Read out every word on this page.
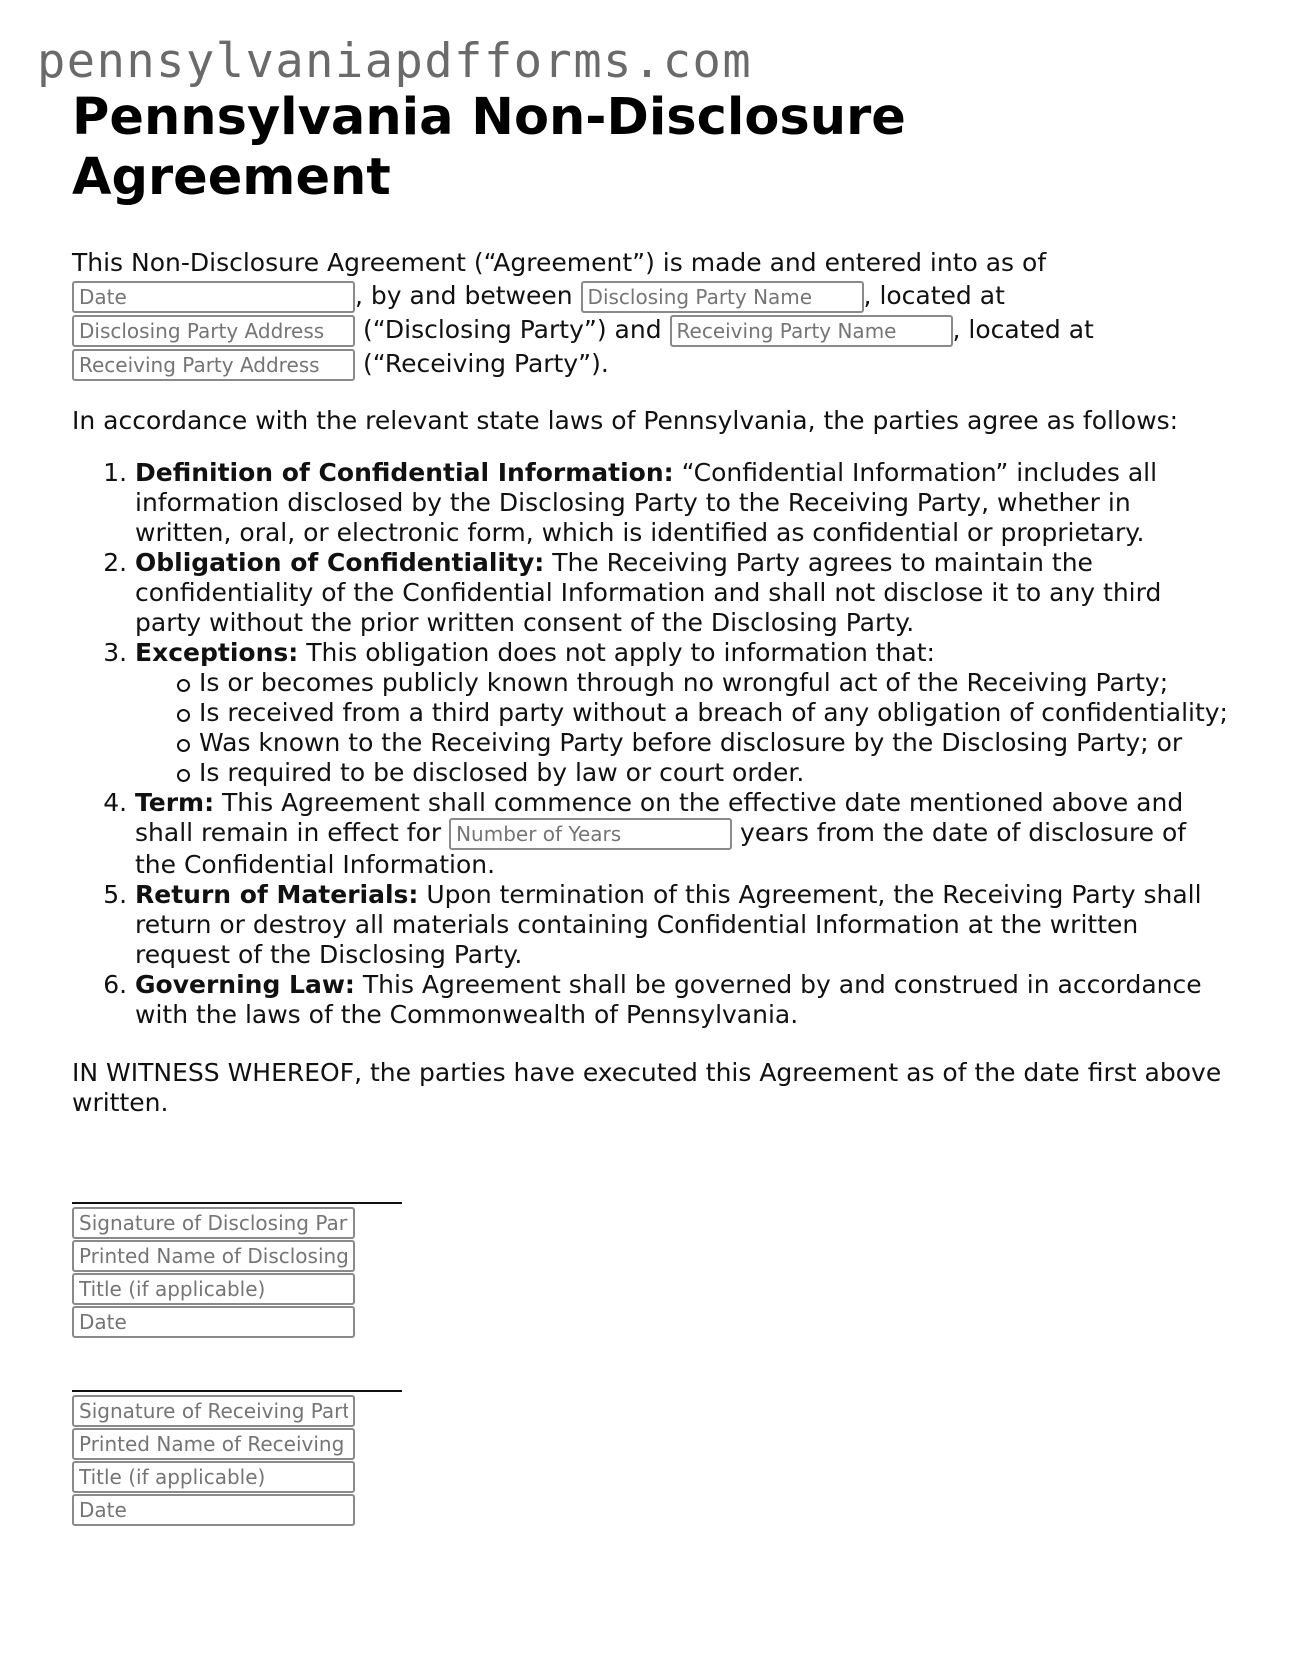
pennsylvaniapdfforms.com
Pennsylvania Non-Disclosure Agreement
This Non-Disclosure Agreement (“Agreement”) is made and entered into as of
Date, by and between Disclosing Party Name	, located at
Disclosing Party Address (“Disclosing Party”) and Receiving Party Name	, located at
Receiving Party Address (“Receiving Party”).
In accordance with the relevant state laws of Pennsylvania, the parties agree as follows:
1. Definition of Confidential Information: “Confidential Information” includes all information disclosed by the Disclosing Party to the Receiving Party, whether in written, oral, or electronic form, which is identified as confidential or proprietary.
2. Obligation of Confidentiality: The Receiving Party agrees to maintain the confidentiality of the Confidential Information and shall not disclose it to any third party without the prior written consent of the Disclosing Party.
3. Exceptions: This obligation does not apply to information that:
Is or becomes publicly known through no wrongful act of the Receiving Party;
Is received from a third party without a breach of any obligation of confidentiality;
Was known to the Receiving Party before disclosure by the Disclosing Party; or
Is required to be disclosed by law or court order.
4. Term: This Agreement shall commence on the effective date mentioned above and shall remain in effect for Number of Years	years from the date of disclosure of the Confidential Information.
5. Return of Materials: Upon termination of this Agreement, the Receiving Party shall return or destroy all materials containing Confidential Information at the written request of the Disclosing Party.
6. Governing Law: This Agreement shall be governed by and construed in accordance with the laws of the Commonwealth of Pennsylvania.
IN WITNESS WHEREOF, the parties have executed this Agreement as of the date first above written.
Signature of Disclosing Party
Printed Name of Disclosing Party
Title (if applicable)
Date
Signature of Receiving Party
Printed Name of Receiving Party
Title (if applicable)
Date
